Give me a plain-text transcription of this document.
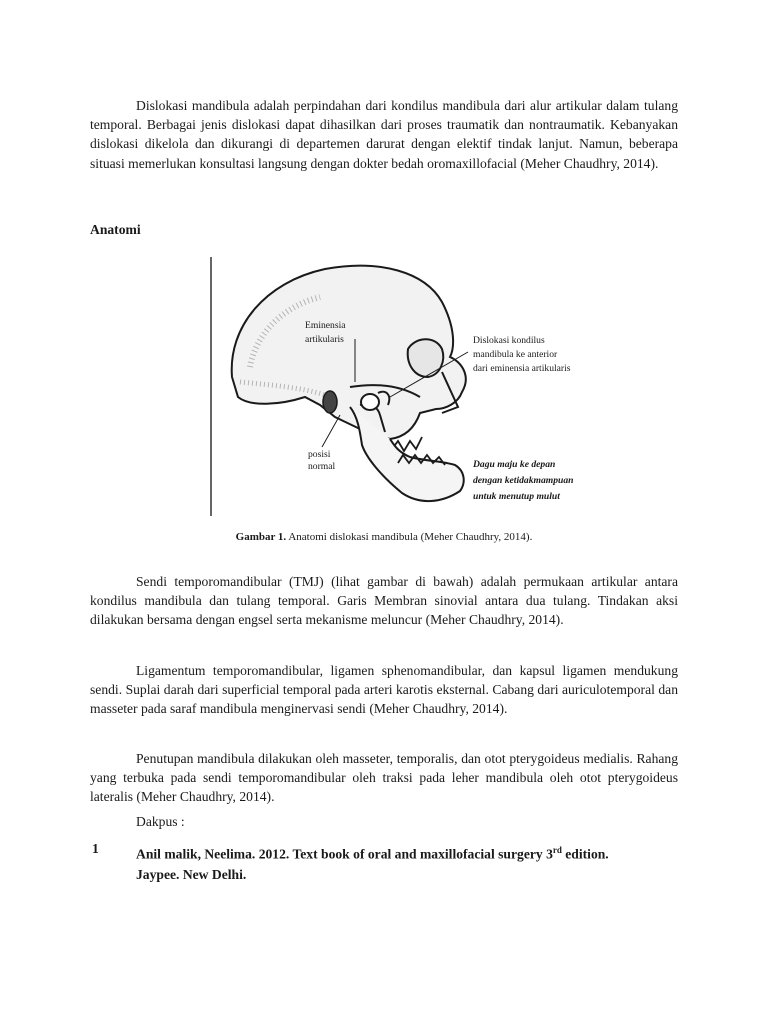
Dislokasi mandibula adalah perpindahan dari kondilus mandibula dari alur artikular dalam tulang temporal. Berbagai jenis dislokasi dapat dihasilkan dari proses traumatik dan nontraumatik. Kebanyakan dislokasi dikelola dan dikurangi di departemen darurat dengan elektif tindak lanjut. Namun, beberapa situasi memerlukan konsultasi langsung dengan dokter bedah oromaxillofacial (Meher Chaudhry, 2014).

Anatomi

Eminensia
artikularis	Dislokasi kondilus
mandibula ke anterior
dari eminensia artikularis
posisi
normal	Dagu maju ke depan
dengan ketidakmampuan
untuk menutup mulut

Gambar 1. Anatomi dislokasi mandibula (Meher Chaudhry, 2014).

Sendi temporomandibular (TMJ) (lihat gambar di bawah) adalah permukaan artikular antara kondilus mandibula dan tulang temporal. Garis Membran sinovial antara dua tulang. Tindakan aksi dilakukan bersama dengan engsel serta mekanisme meluncur (Meher Chaudhry, 2014).

Ligamentum temporomandibular, ligamen sphenomandibular, dan kapsul ligamen mendukung sendi. Suplai darah dari superficial temporal pada arteri karotis eksternal. Cabang dari auriculotemporal dan masseter pada saraf mandibula menginervasi sendi (Meher Chaudhry, 2014).

Penutupan mandibula dilakukan oleh masseter, temporalis, dan otot pterygoideus medialis. Rahang yang terbuka pada sendi temporomandibular oleh traksi pada leher mandibula oleh otot pterygoideus lateralis (Meher Chaudhry, 2014).

Dakpus :

1	Anil malik, Neelima. 2012. Text book of oral and maxillofacial surgery 3rd edition.
Jaypee. New Delhi.
